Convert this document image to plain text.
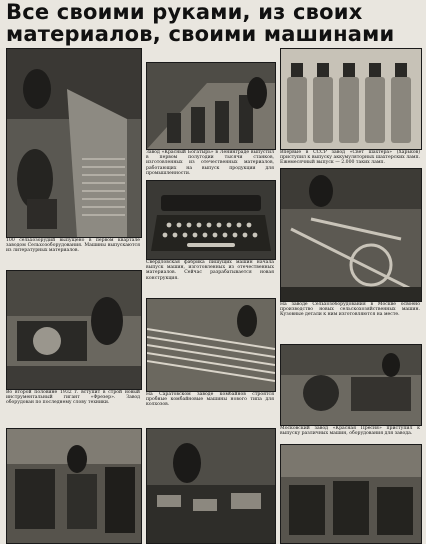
Все своими руками, из своих
материалов, своими машинами
100 сельхозорудий выпущено в первом квартале заводом Сельхозоборудования. Машины выпускаются из литературных материалов.
Во второй половине 1932 г. вступит в строй новый инструментальный гигант «Фрезер». Завод оборудован по последнему слову техники.
Завод «Красный Богатырь» в Ленинграде выпустил в первом полугодии тысячи станков, изготовленных из отечественных материалов, работающих на выпуск продукции для промышленности.
Свердловская фабрика пишущих машин начала выпуск машин, изготовленных из отечественных материалов. Сейчас разрабатывается новая конструкция.
На Саратовском заводе комбайнов строятся пробные комбайновые машины нового типа для колхозов.
Впервые в СССР завод «Свет шахтера» (Харьков) приступил к выпуску аккумуляторных шахтерских ламп. Ежемесячный выпуск — 2.000 таких ламп.
На заводе Сельхозоборудования в Москве освоено производство новых сельскохозяйственных машин. Кузовные детали к ним изготовляются на месте.
Московский завод «Красная Пресня» приступил к выпуску различных машин, оборудования для завода.
